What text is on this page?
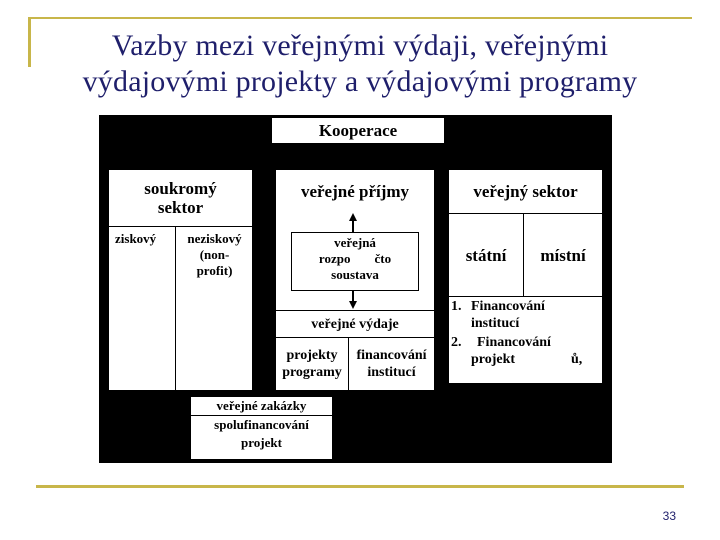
Vazby mezi veřejnými výdaji, veřejnými
výdajovými projekty a výdajovými programy
Kooperace
soukromý
sektor
ziskový	neziskový
(non-
profit)
veřejné příjmy
veřejná
rozpo čto
soustava
veřejné výdaje
projekty
programy
financování
institucí
veřejný sektor
státní místní
1. Financování
institucí
2. Financování
projekt	ů,
veřejné zakázky
spolufinancování
projekt
33
